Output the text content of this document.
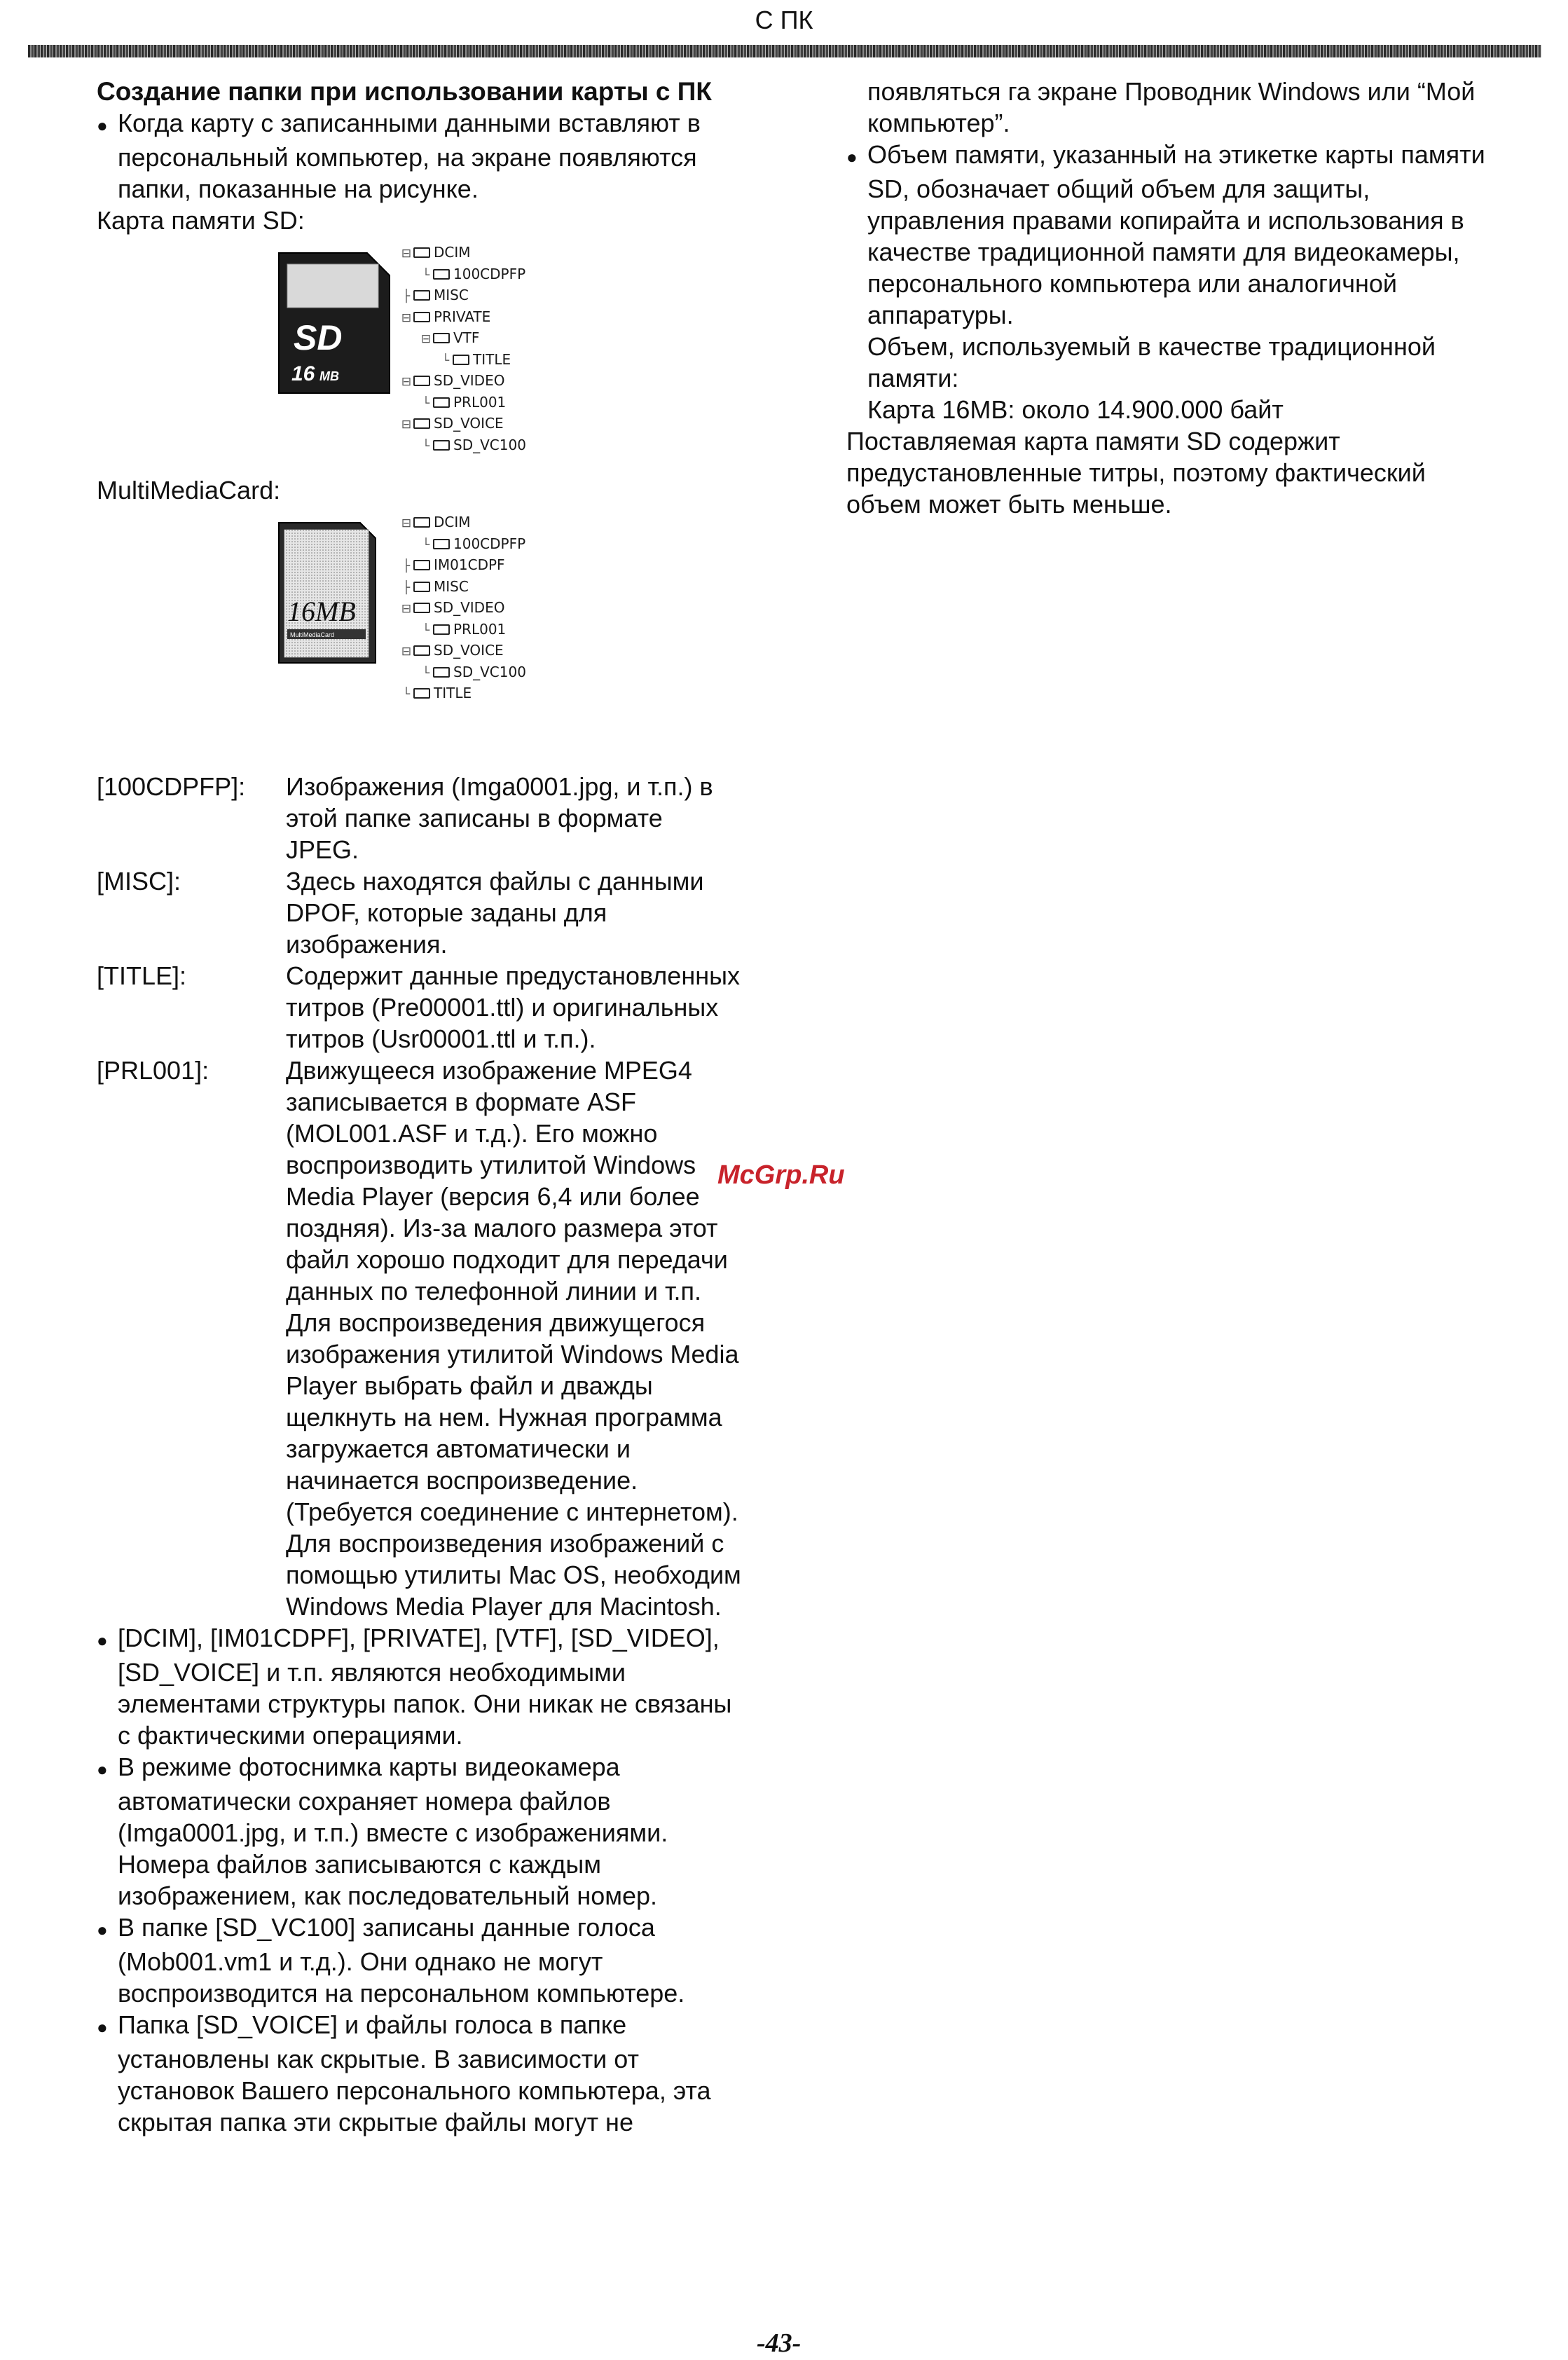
С ПК

Создание папки при использовании карты с ПК

● Когда карту с записанными данными вставляют в персональный компьютер, на экране появляются папки, показанные на рисунке.

Карта памяти SD:

SD
16 MB
⊟ DCIM
└ 100CDPFP
├ MISC
⊟ PRIVATE
⊟ VTF
└ TITLE
⊟ SD_VIDEO
└ PRL001
⊟ SD_VOICE
└ SD_VC100

MultiMediaCard:

16MB
MultiMediaCard
⊟ DCIM
└ 100CDPFP
├ IM01CDPF
├ MISC
⊟ SD_VIDEO
└ PRL001
⊟ SD_VOICE
└ SD_VC100
└ TITLE
[100CDPFP]:	Изображения (Imga0001.jpg, и т.п.) в этой папке записаны в формате JPEG.
[MISC]:	Здесь находятся файлы с данными DPOF, которые заданы для изображения.
[TITLE]:	Содержит данные предустановленных титров (Pre00001.ttl) и оригинальных титров (Usr00001.ttl и т.п.).
[PRL001]:	Движущееся изображение MPEG4 записывается в формате ASF (MOL001.ASF и т.д.). Его можно воспроизводить утилитой Windows Media Player (версия 6,4 или более поздняя). Из-за малого размера этот файл хорошо подходит для передачи данных по телефонной линии и т.п. Для воспроизведения движущегося изображения утилитой Windows Media Player выбрать файл и дважды щелкнуть на нем. Нужная программа загружается автоматически и начинается воспроизведение. (Требуется соединение с интернетом). Для воспроизведения изображений с помощью утилиты Mac OS, необходим Windows Media Player для Macintosh.

● [DCIM], [IM01CDPF], [PRIVATE], [VTF], [SD_VIDEO], [SD_VOICE] и т.п. являются необходимыми элементами структуры папок. Они никак не связаны с фактическими операциями.

● В режиме фотоснимка карты видеокамера автоматически сохраняет номера файлов (Imga0001.jpg, и т.п.) вместе с изображениями. Номера файлов записываются с каждым изображением, как последовательный номер.

● В папке [SD_VC100] записаны данные голоса (Mob001.vm1 и т.д.). Они однако не могут воспроизводится на персональном компьютере.

● Папка [SD_VOICE] и файлы голоса в папке установлены как скрытые. В зависимости от установок Вашего персонального компьютера, эта скрытая папка эти скрытые файлы могут не

появляться га экране Проводник Windows или “Мой компьютер”.

● Объем памяти, указанный на этикетке карты памяти SD, обозначает общий объем для защиты, управления правами копирайта и использования в качестве традиционной памяти для видеокамеры, персонального компьютера или аналогичной аппаратуры.

Объем, используемый в качестве традиционной памяти:

Карта 16MB: около 14.900.000 байт

Поставляемая карта памяти SD содержит предустановленные титры, поэтому фактический объем может быть меньше.

McGrp.Ru
-43-
